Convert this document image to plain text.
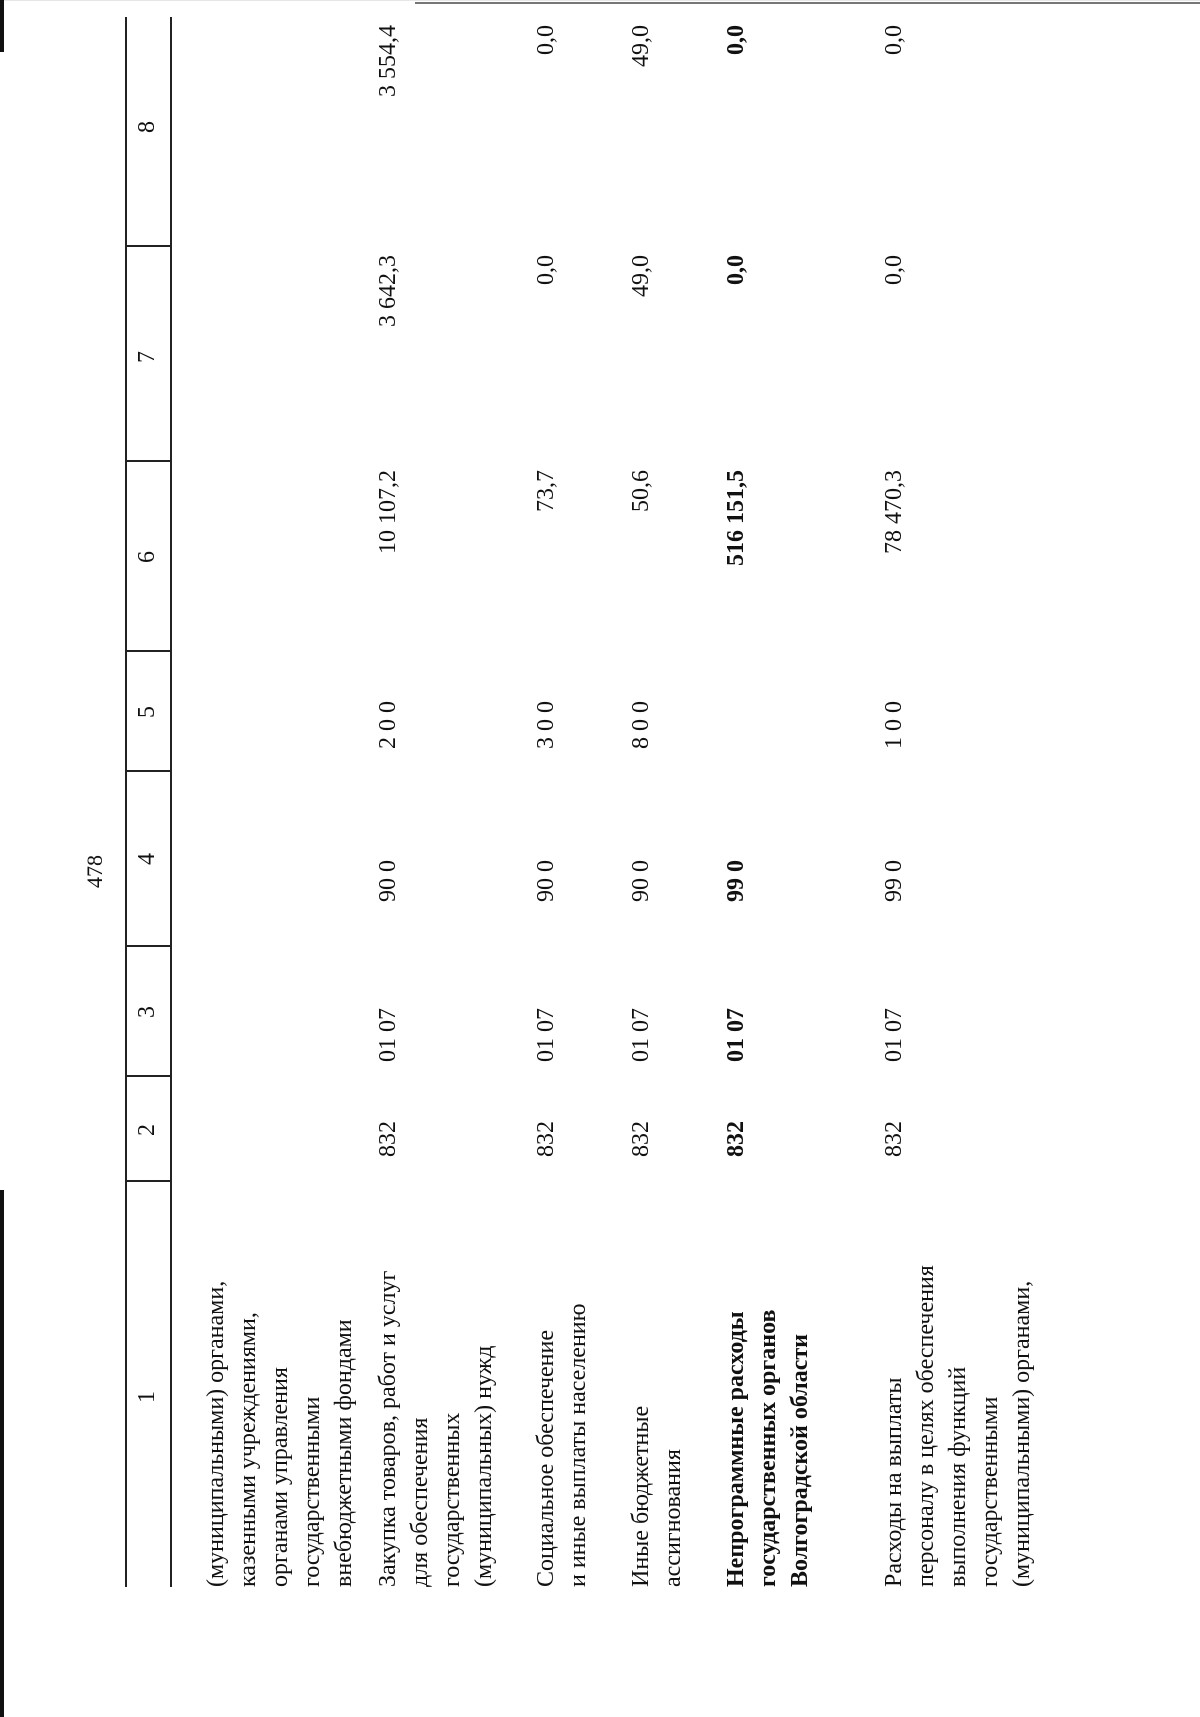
478
1
2
3
4
5
6
7
8
(муниципальными) органами, казенными учреждениями, органами управления государственными внебюджетными фондами Закупка товаров, работ и услуг для обеспечения государственных (муниципальных) нужд
832
01 07
90 0
2 0 0
10 107,2
3 642,3
3 554,4
Социальное обеспечение и иные выплаты населению
832
01 07
90 0
3 0 0
73,7
0,0
0,0
Иные бюджетные ассигнования
832
01 07
90 0
8 0 0
50,6
49,0
49,0
Непрограммные расходы государственных органов Волгоградской области
832
01 07
99 0
516 151,5
0,0
0,0
Расходы на выплаты персоналу в целях обеспечения выполнения функций государственными (муниципальными) органами,
832
01 07
99 0
1 0 0
78 470,3
0,0
0,0
